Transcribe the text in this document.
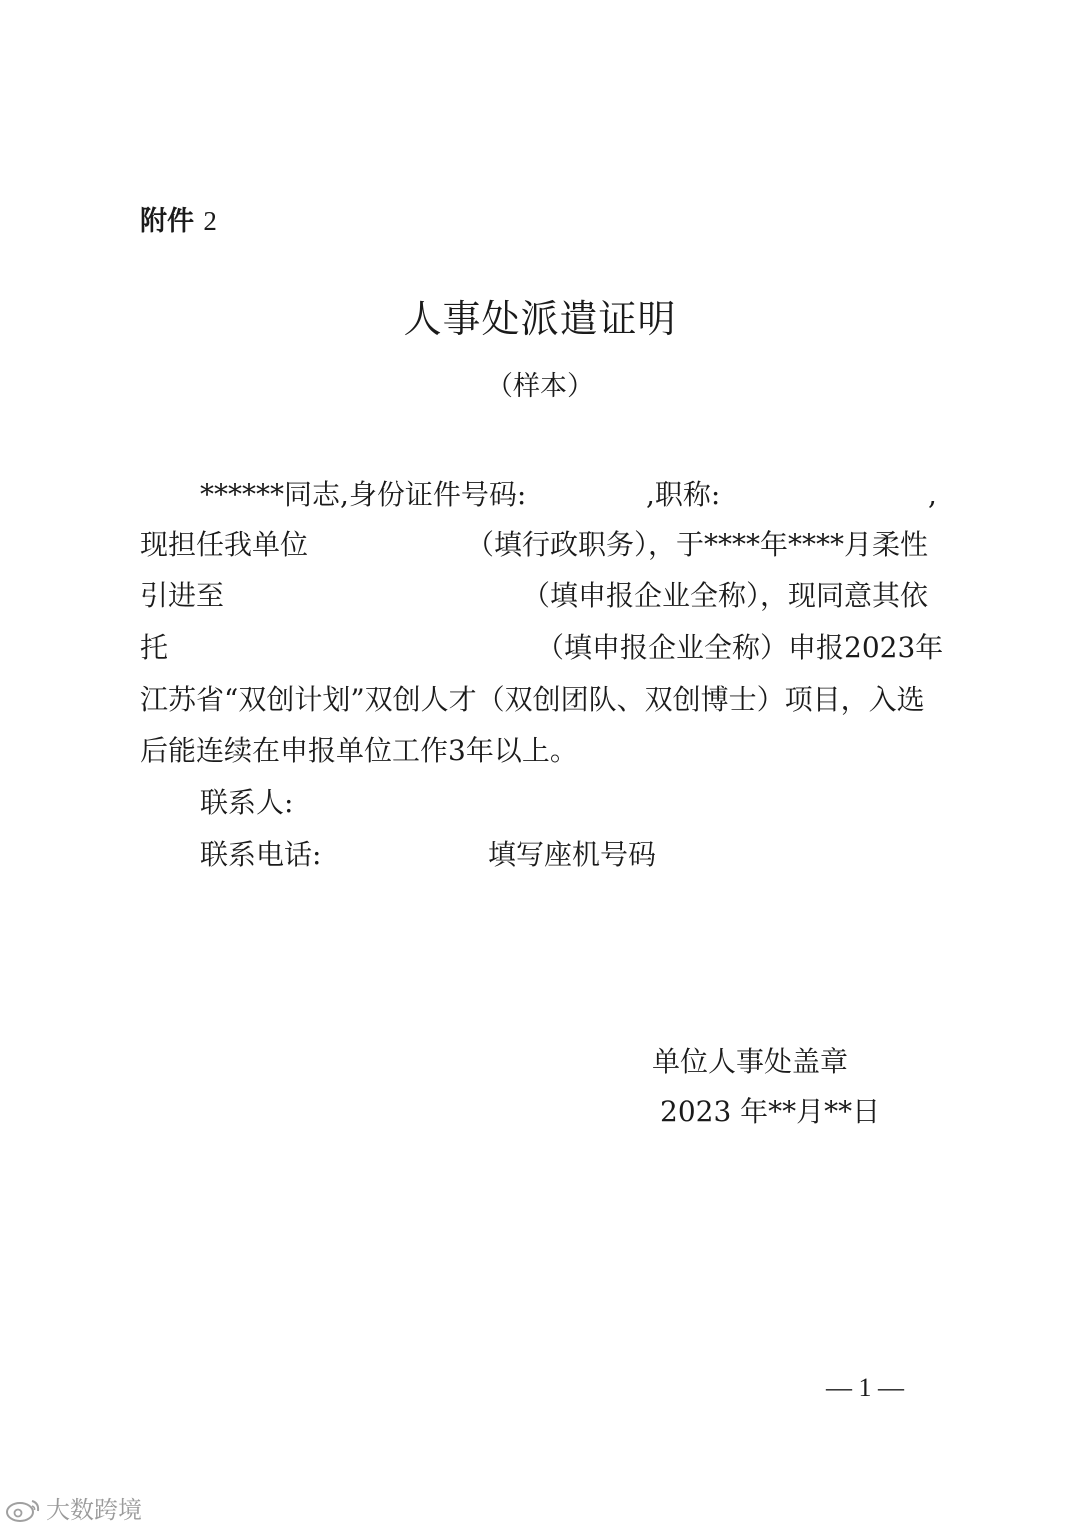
附件 2
人事处派遣证明
（样本）
******同志,身份证件号码:	,职称:	,
现担任我单位	（填行政职务），于****年****月柔性
引进至	（填申报企业全称），现同意其依
托	（填申报企业全称）申报2023年
江苏省“双创计划”双创人才（双创团队、双创博士）项目，入选
后能连续在申报单位工作3年以上。
联系人:
联系电话:	填写座机号码
单位人事处盖章
2023 年**月**日
— 1 —
大数跨境
